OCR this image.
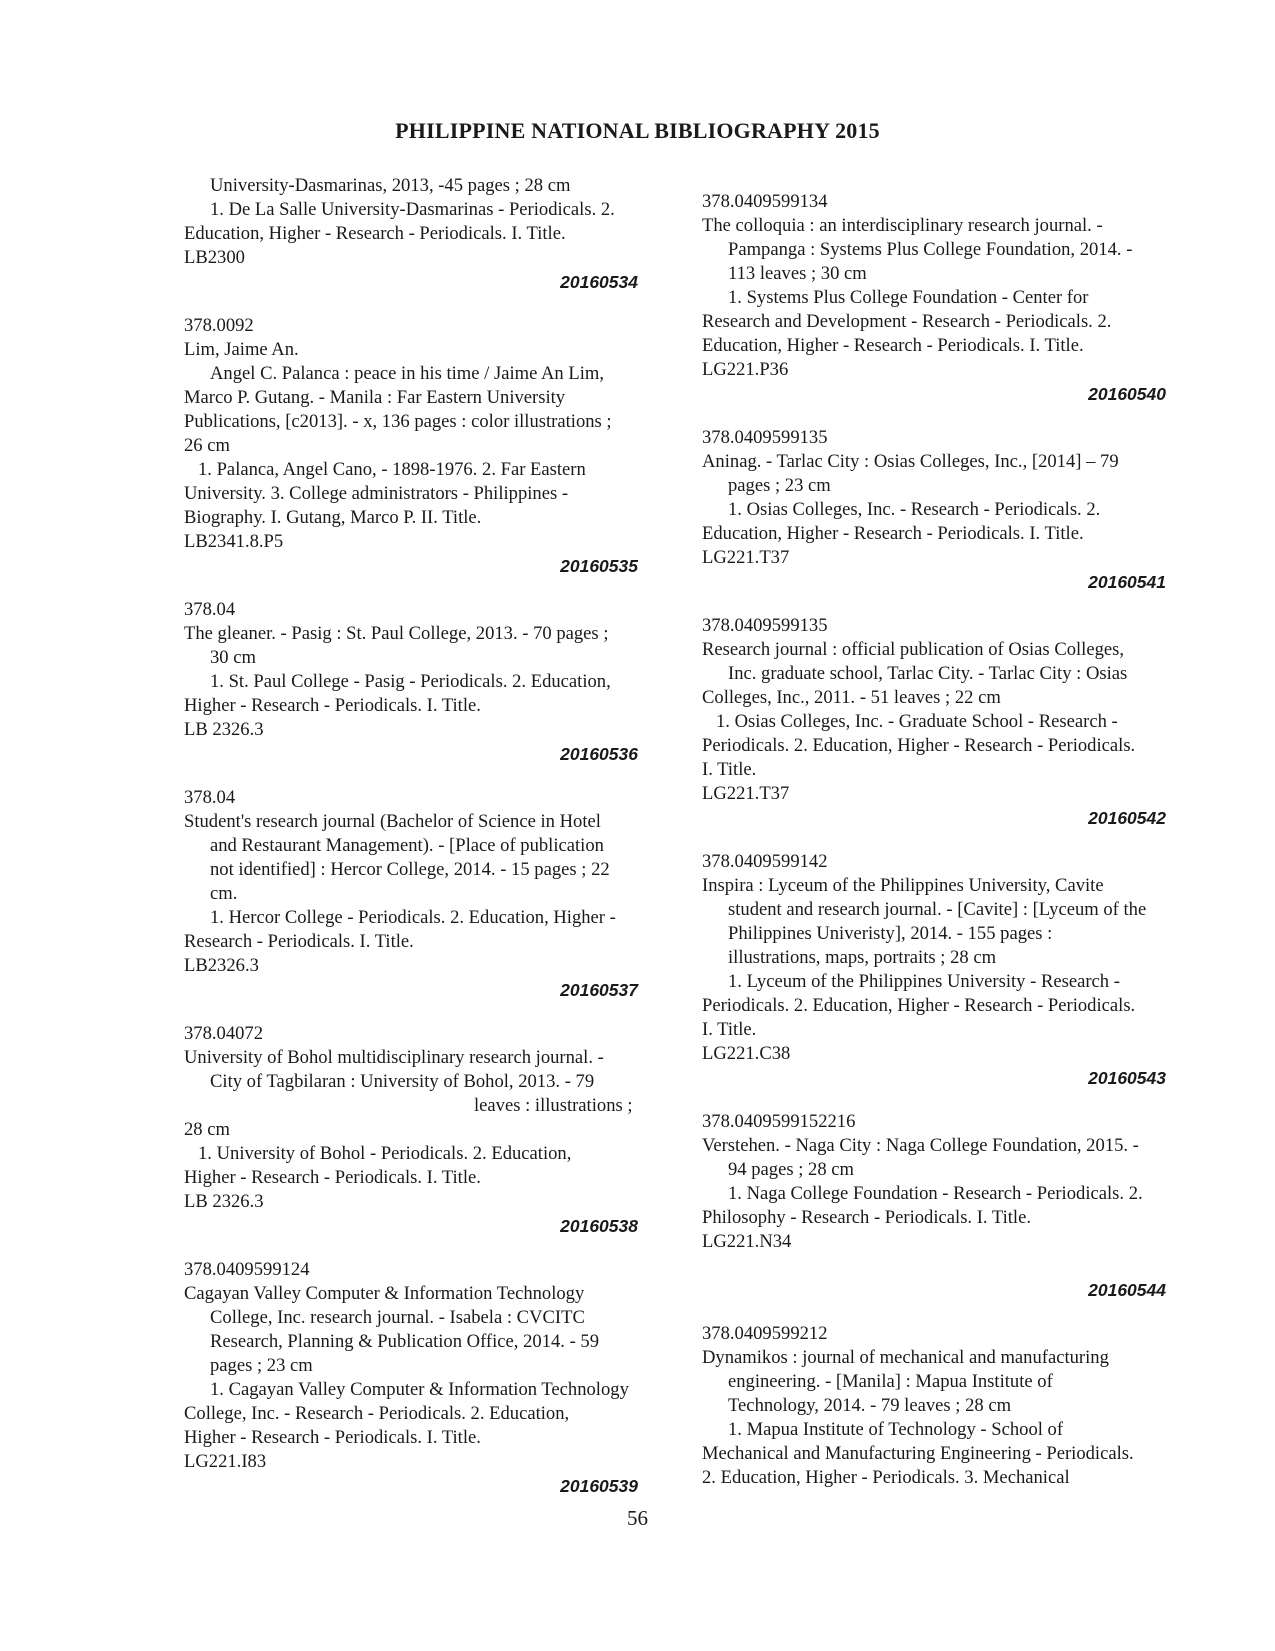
PHILIPPINE NATIONAL BIBLIOGRAPHY 2015
University-Dasmarinas, 2013, -45 pages ; 28 cm
1. De La Salle University-Dasmarinas - Periodicals. 2.
Education, Higher - Research - Periodicals. I. Title.
LB2300
20160534
378.0092
Lim, Jaime An.
Angel C. Palanca : peace in his time / Jaime An Lim,
Marco P. Gutang. - Manila : Far Eastern University
Publications, [c2013]. - x, 136 pages : color illustrations ;
26 cm
1. Palanca, Angel Cano, - 1898-1976. 2. Far Eastern
University. 3. College administrators - Philippines -
Biography. I. Gutang, Marco P. II. Title.
LB2341.8.P5
20160535
378.04
The gleaner. - Pasig : St. Paul College, 2013. - 70 pages ;
30 cm
1. St. Paul College - Pasig - Periodicals. 2. Education,
Higher - Research - Periodicals. I. Title.
LB 2326.3
20160536
378.04
Student's research journal (Bachelor of Science in Hotel
and Restaurant Management). - [Place of publication
not identified] : Hercor College, 2014. - 15 pages ; 22
cm.
1. Hercor College - Periodicals. 2. Education, Higher -
Research - Periodicals. I. Title.
LB2326.3
20160537
378.04072
University of Bohol multidisciplinary research journal. -
City of Tagbilaran : University of Bohol, 2013. - 79
leaves : illustrations ;
28 cm
1. University of Bohol - Periodicals. 2. Education,
Higher - Research - Periodicals. I. Title.
LB 2326.3
20160538
378.0409599124
Cagayan Valley Computer & Information Technology
College, Inc. research journal. - Isabela : CVCITC
Research, Planning & Publication Office, 2014. - 59
pages ; 23 cm
1. Cagayan Valley Computer & Information Technology
College, Inc. - Research - Periodicals. 2. Education,
Higher - Research - Periodicals. I. Title.
LG221.I83
20160539
378.0409599134
The colloquia : an interdisciplinary research journal. -
Pampanga : Systems Plus College Foundation, 2014. -
113 leaves ; 30 cm
1. Systems Plus College Foundation - Center for
Research and Development - Research - Periodicals. 2.
Education, Higher - Research - Periodicals. I. Title.
LG221.P36
20160540
378.0409599135
Aninag. - Tarlac City : Osias Colleges, Inc., [2014] – 79
pages ; 23 cm
1. Osias Colleges, Inc. - Research - Periodicals. 2.
Education, Higher - Research - Periodicals. I. Title.
LG221.T37
20160541
378.0409599135
Research journal : official publication of Osias Colleges,
Inc. graduate school, Tarlac City. - Tarlac City : Osias
Colleges, Inc., 2011. - 51 leaves ; 22 cm
1. Osias Colleges, Inc. - Graduate School - Research -
Periodicals. 2. Education, Higher - Research - Periodicals.
I. Title.
LG221.T37
20160542
378.0409599142
Inspira : Lyceum of the Philippines University, Cavite
student and research journal. - [Cavite] : [Lyceum of the
Philippines Univeristy], 2014. - 155 pages :
illustrations, maps, portraits ; 28 cm
1. Lyceum of the Philippines University - Research -
Periodicals. 2. Education, Higher - Research - Periodicals.
I. Title.
LG221.C38
20160543
378.0409599152216
Verstehen. - Naga City : Naga College Foundation, 2015. -
94 pages ; 28 cm
1. Naga College Foundation - Research - Periodicals. 2.
Philosophy - Research - Periodicals. I. Title.
LG221.N34
20160544
378.0409599212
Dynamikos : journal of mechanical and manufacturing
engineering. - [Manila] : Mapua Institute of
Technology, 2014. - 79 leaves ; 28 cm
1. Mapua Institute of Technology - School of
Mechanical and Manufacturing Engineering - Periodicals.
2. Education, Higher - Periodicals. 3. Mechanical
56
